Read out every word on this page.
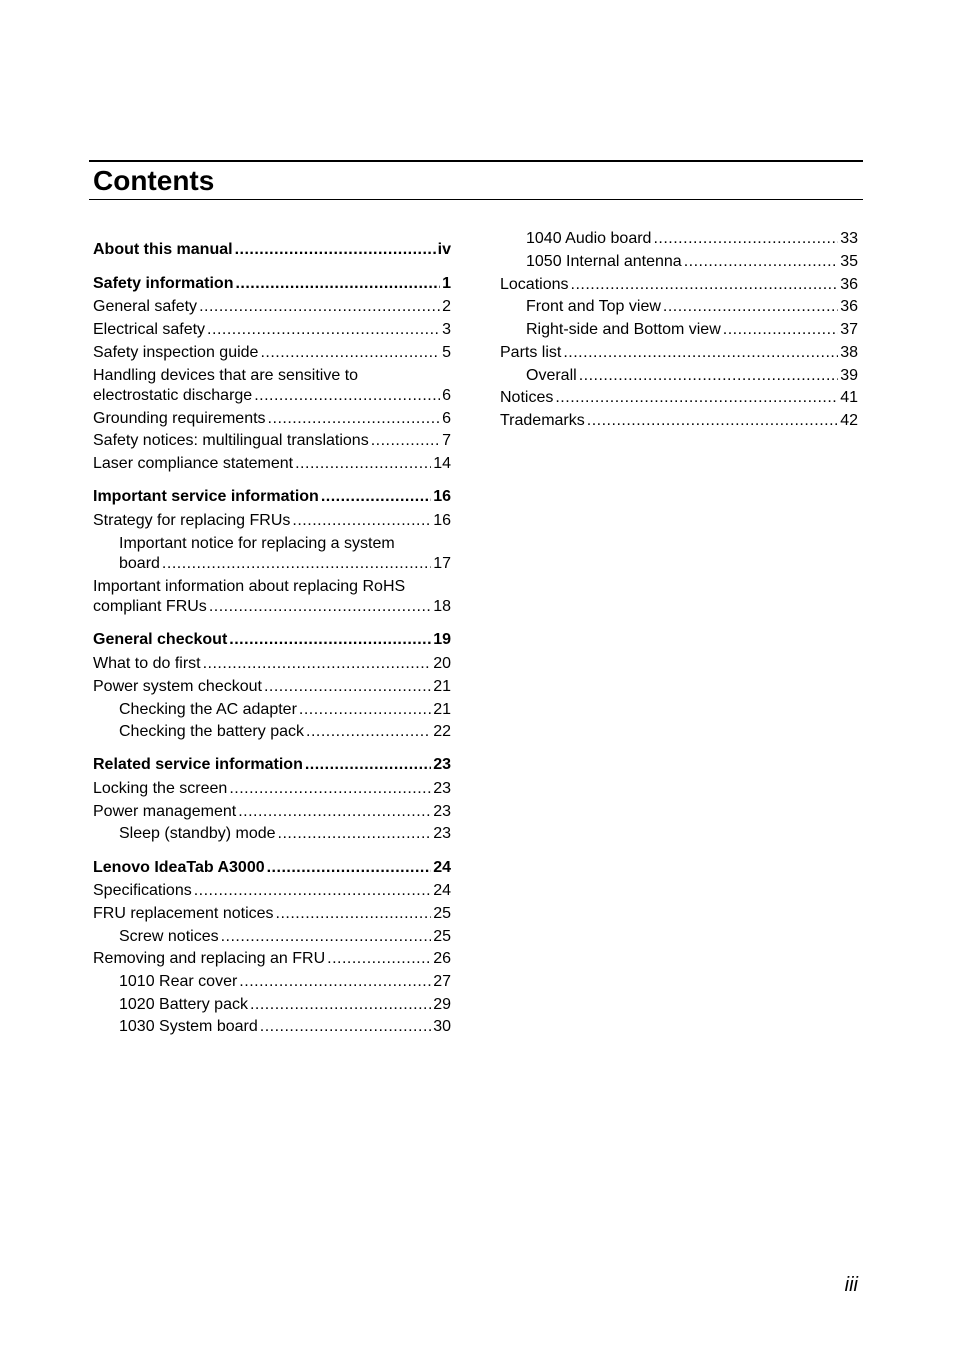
Contents
About this manual .....	iv
Safety information .....	1
General safety .....	2
Electrical safety .....	3
Safety inspection guide .....	5
Handling devices that are sensitive to
electrostatic discharge .....	6
Grounding requirements .....	6
Safety notices: multilingual translations .....	7
Laser compliance statement .....	14
Important service information .....	16
Strategy for replacing FRUs .....	16
Important notice for replacing a system
board .....	17
Important information about replacing RoHS
compliant FRUs .....	18
General checkout .....	19
What to do first .....	20
Power system checkout .....	21
Checking the AC adapter .....	21
Checking the battery pack .....	22
Related service information .....	23
Locking the screen .....	23
Power management .....	23
Sleep (standby) mode .....	23
Lenovo IdeaTab A3000 .....	24
Specifications .....	24
FRU replacement notices .....	25
Screw notices .....	25
Removing and replacing an FRU .....	26
1010 Rear cover .....	27
1020 Battery pack .....	29
1030 System board .....	30
1040 Audio board .....	33
1050 Internal antenna .....	35
Locations .....	36
Front and Top view .....	36
Right-side and Bottom view .....	37
Parts list .....	38
Overall .....	39
Notices .....	41
Trademarks .....	42
iii
